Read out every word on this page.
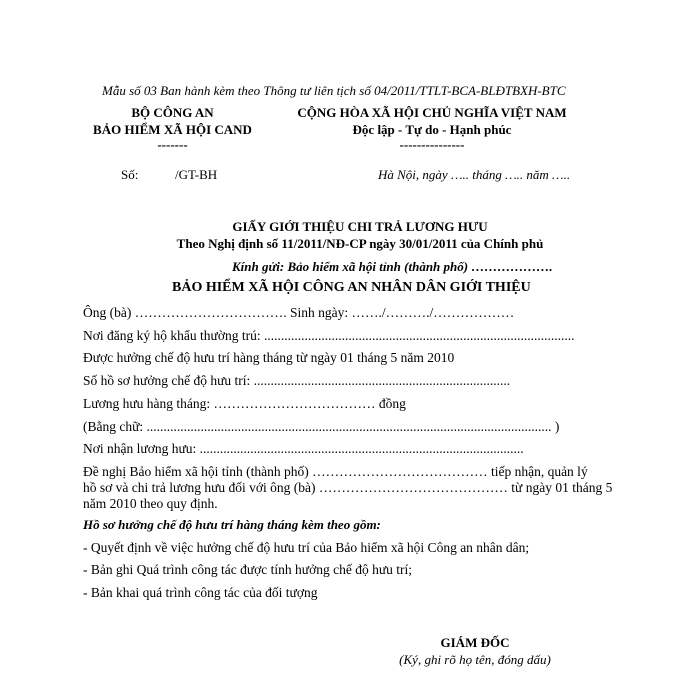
Mẫu số 03 Ban hành kèm theo Thông tư liên tịch số 04/2011/TTLT-BCA-BLĐTBXH-BTC
BỘ CÔNG AN
BẢO HIỂM XÃ HỘI CAND
-------
CỘNG HÒA XÃ HỘI CHỦ NGHĨA VIỆT NAM
Độc lập - Tự do - Hạnh phúc
---------------
Số:	/GT-BH	Hà Nội, ngày ….. tháng ….. năm …..
GIẤY GIỚI THIỆU CHI TRẢ LƯƠNG HƯU
Theo Nghị định số 11/2011/NĐ-CP ngày 30/01/2011 của Chính phủ
Kính gửi: Bảo hiểm xã hội tỉnh (thành phố) ……………….
BẢO HIỂM XÃ HỘI CÔNG AN NHÂN DÂN GIỚI THIỆU
Ông (bà) ……………………………. Sinh ngày: ……./………./………………
Nơi đăng ký hộ khẩu thường trú: ............................................................................................
Được hưởng chế độ hưu trí hàng tháng từ ngày 01 tháng 5 năm 2010
Số hồ sơ hưởng chế độ hưu trí: ............................................................................
Lương hưu hàng tháng: ……………………………… đồng
(Bằng chữ: ........................................................................................................................ )
Nơi nhận lương hưu: ................................................................................................
Đề nghị Bảo hiểm xã hội tỉnh (thành phố) ………………………………… tiếp nhận, quản lý
hồ sơ và chi trả lương hưu đối với ông (bà) …………………………………… từ ngày 01 tháng 5
năm 2010 theo quy định.
Hồ sơ hưởng chế độ hưu trí hàng tháng kèm theo gồm:
- Quyết định về việc hưởng chế độ hưu trí của Bảo hiểm xã hội Công an nhân dân;
- Bản ghi Quá trình công tác được tính hưởng chế độ hưu trí;
- Bản khai quá trình công tác của đối tượng
GIÁM ĐỐC
(Ký, ghi rõ họ tên, đóng dấu)
